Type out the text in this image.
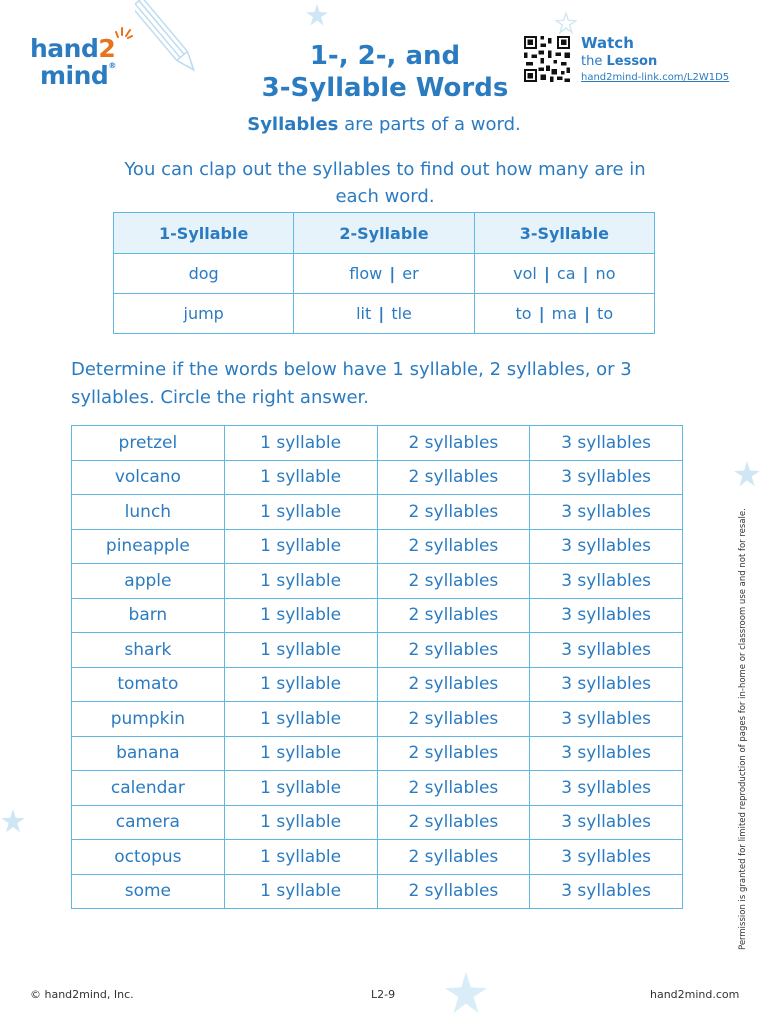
hand2
mind®	1-, 2-, and
3-Syllable Words
Watch
the Lesson
hand2mind-link.com/L2W1D5
Syllables are parts of a word.
You can clap out the syllables to find out how many are in each word.
1-Syllable	2-Syllable	3-Syllable
dog	flow | er	vol | ca | no
jump	lit | tle	to | ma | to
Determine if the words below have 1 syllable, 2 syllables, or 3 syllables. Circle the right answer.
pretzel	1 syllable	2 syllables	3 syllables
volcano	1 syllable	2 syllables	3 syllables
lunch	1 syllable	2 syllables	3 syllables
pineapple	1 syllable	2 syllables	3 syllables
apple	1 syllable	2 syllables	3 syllables
barn	1 syllable	2 syllables	3 syllables
shark	1 syllable	2 syllables	3 syllables
tomato	1 syllable	2 syllables	3 syllables
pumpkin	1 syllable	2 syllables	3 syllables
banana	1 syllable	2 syllables	3 syllables
calendar	1 syllable	2 syllables	3 syllables
camera	1 syllable	2 syllables	3 syllables
octopus	1 syllable	2 syllables	3 syllables
some	1 syllable	2 syllables	3 syllables	Permission is granted for limited reproduction of pages for in-home or classroom use and not for resale.
© hand2mind, Inc.	L2-9	hand2mind.com
